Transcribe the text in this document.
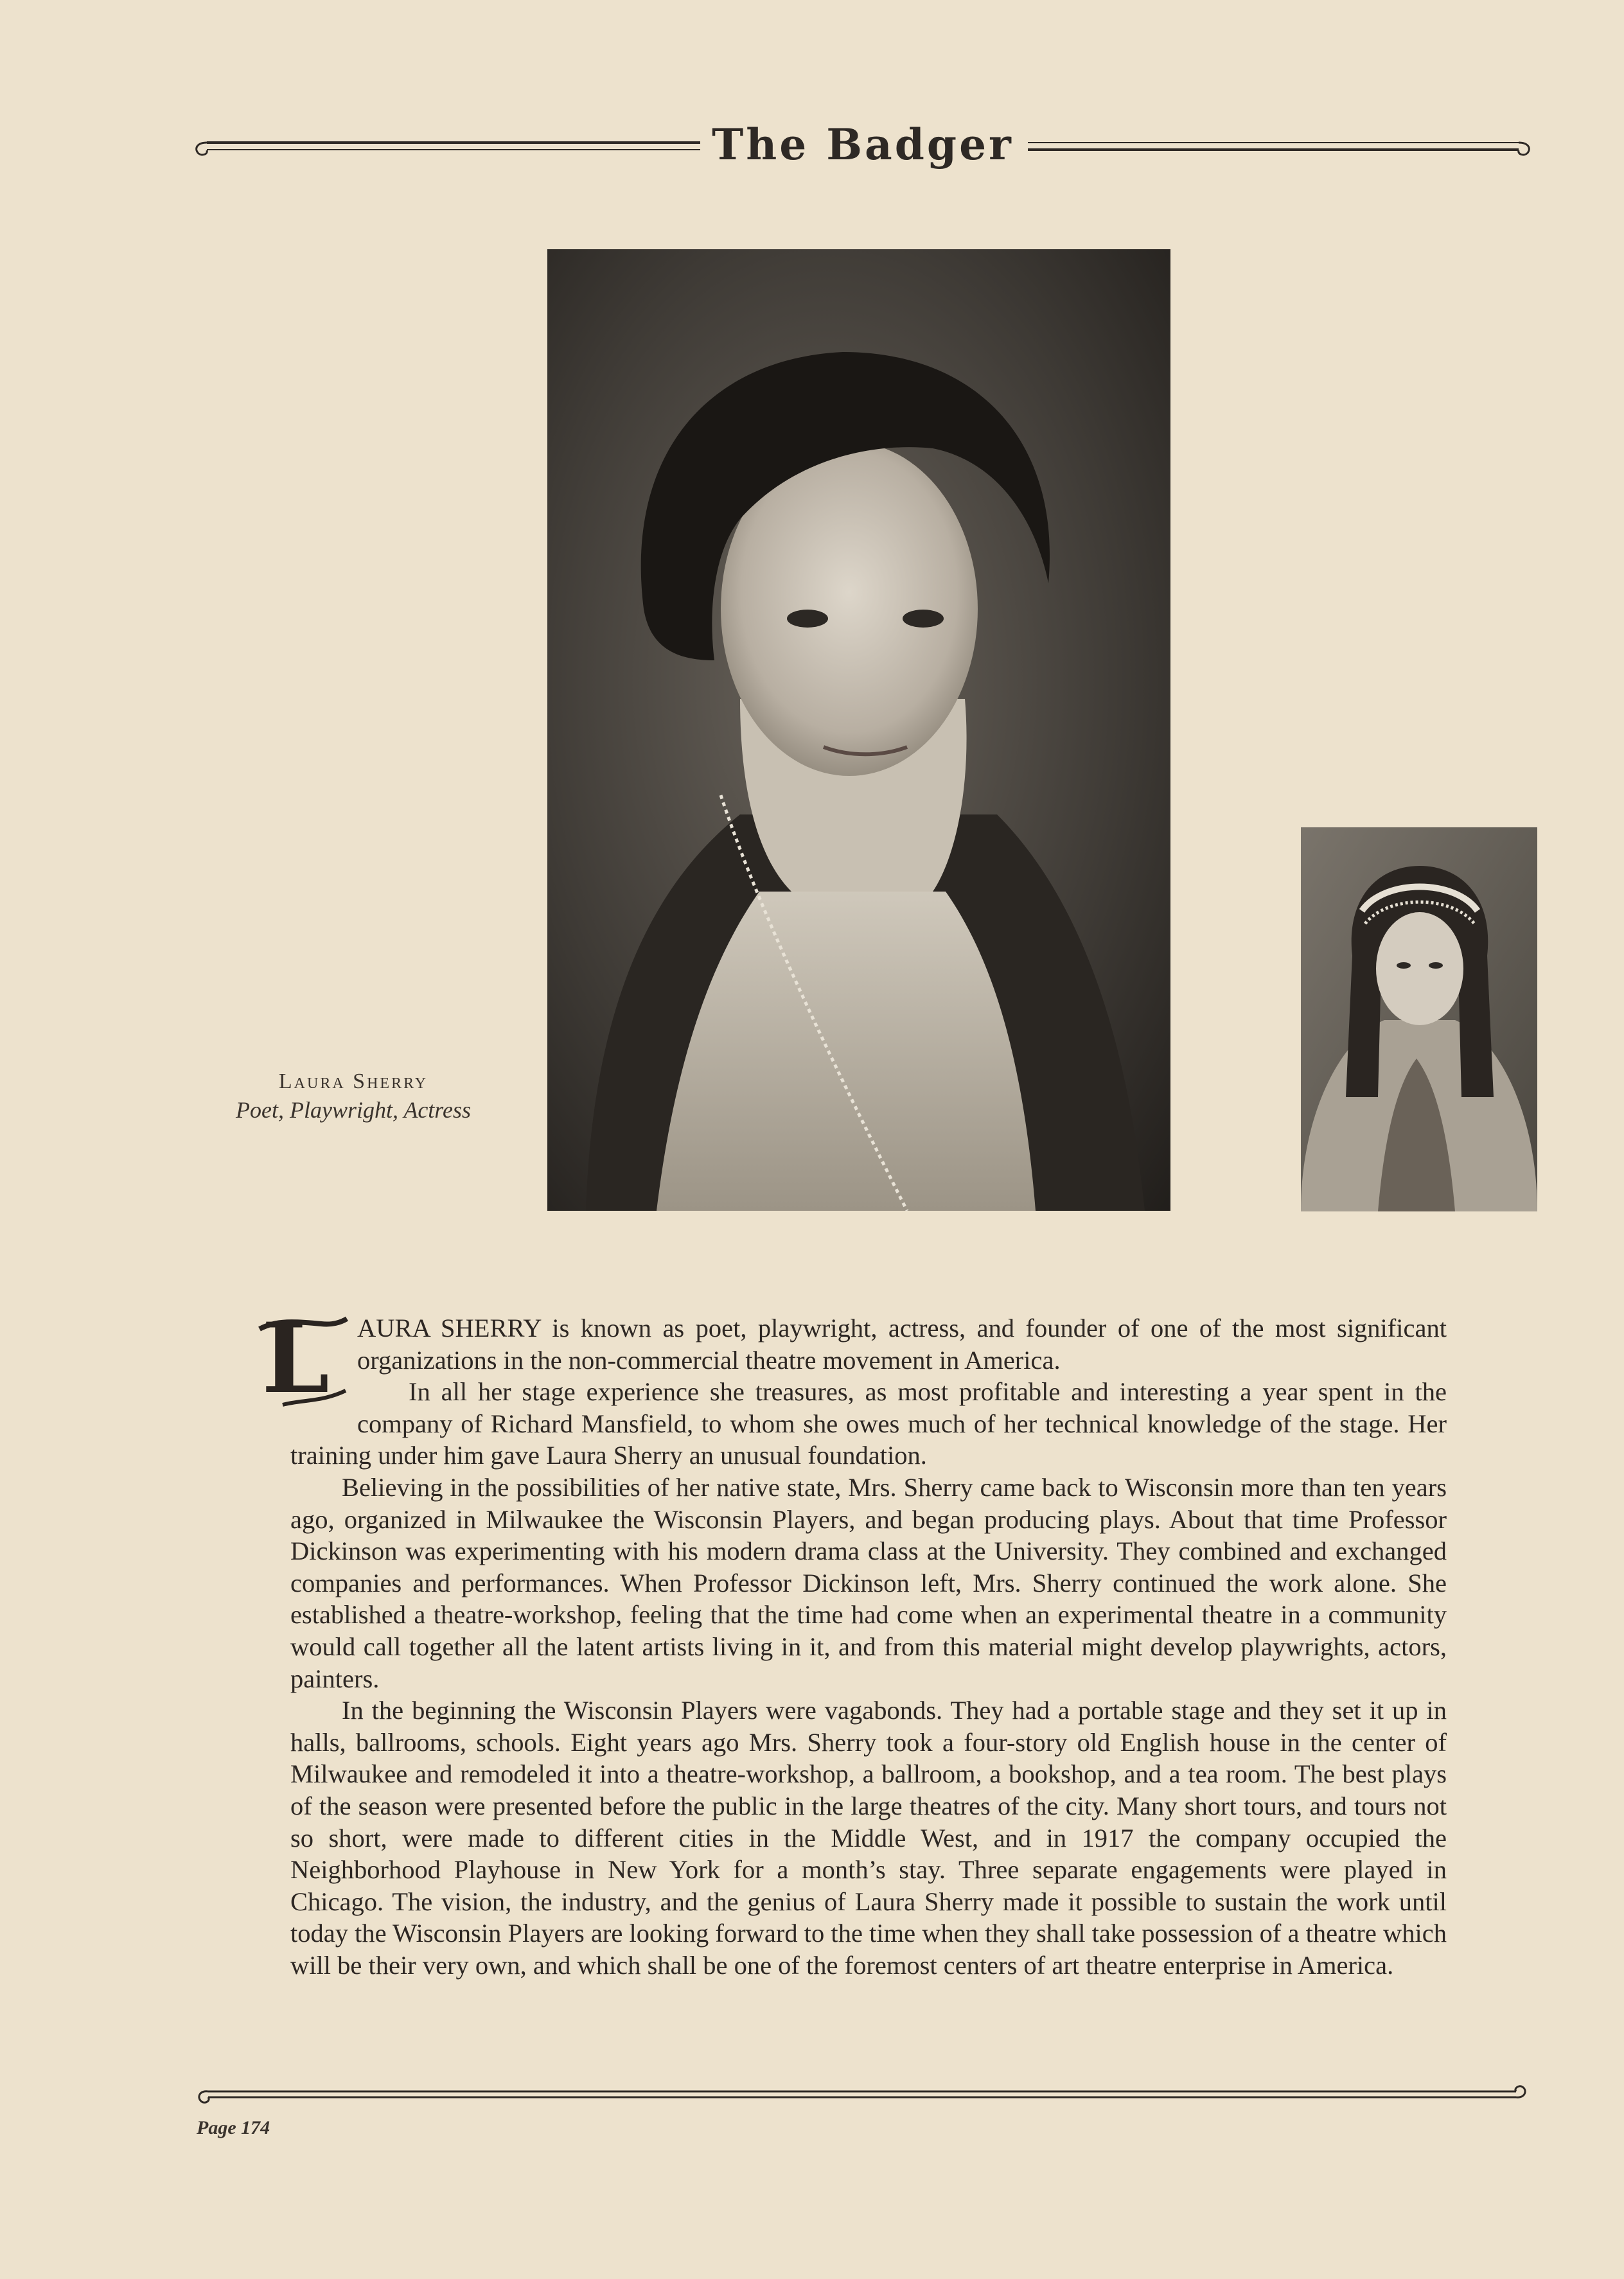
The Badger
Laura Sherry
Poet, Playwright, Actress

L AURA SHERRY is known as poet, playwright, actress, and founder of one of the most significant organizations in the non-commercial theatre movement in America.

In all her stage experience she treasures, as most profitable and interesting a year spent in the company of Richard Mansfield, to whom she owes much of her technical knowledge of the stage. Her training under him gave Laura Sherry an unusual foundation.

Believing in the possibilities of her native state, Mrs. Sherry came back to Wisconsin more than ten years ago, organized in Milwaukee the Wisconsin Players, and began producing plays. About that time Professor Dickinson was experimenting with his modern drama class at the University. They combined and exchanged companies and performances. When Professor Dickinson left, Mrs. Sherry continued the work alone. She established a theatre-workshop, feeling that the time had come when an experimental theatre in a community would call together all the latent artists living in it, and from this material might develop playwrights, actors, painters.

In the beginning the Wisconsin Players were vagabonds. They had a portable stage and they set it up in halls, ballrooms, schools. Eight years ago Mrs. Sherry took a four-story old English house in the center of Milwaukee and remodeled it into a theatre-workshop, a ballroom, a bookshop, and a tea room. The best plays of the season were presented before the public in the large theatres of the city. Many short tours, and tours not so short, were made to different cities in the Middle West, and in 1917 the company occupied the Neighborhood Playhouse in New York for a month’s stay. Three separate engagements were played in Chicago. The vision, the industry, and the genius of Laura Sherry made it possible to sustain the work until today the Wisconsin Players are looking forward to the time when they shall take possession of a theatre which will be their very own, and which shall be one of the foremost centers of art theatre enterprise in America.

Page 174
